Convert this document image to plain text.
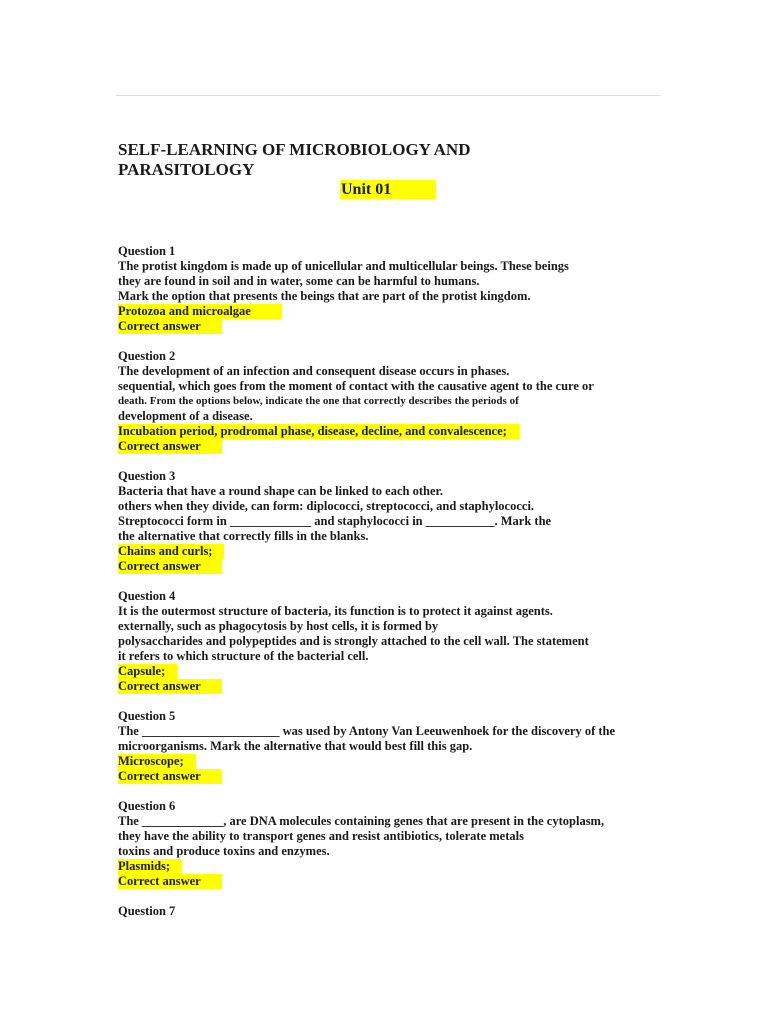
SELF-LEARNING OF MICROBIOLOGY AND
PARASITOLOGY
Unit 01
Question 1
The protist kingdom is made up of unicellular and multicellular beings. These beings
they are found in soil and in water, some can be harmful to humans.
Mark the option that presents the beings that are part of the protist kingdom.
Protozoa and microalgae
Correct answer
Question 2
The development of an infection and consequent disease occurs in phases.
sequential, which goes from the moment of contact with the causative agent to the cure or
death. From the options below, indicate the one that correctly describes the periods of
development of a disease.
Incubation period, prodromal phase, disease, decline, and convalescence;
Correct answer
Question 3
Bacteria that have a round shape can be linked to each other.
others when they divide, can form: diplococci, streptococci, and staphylococci.
Streptococci form in _____________ and staphylococci in ___________. Mark the
the alternative that correctly fills in the blanks.
Chains and curls;
Correct answer
Question 4
It is the outermost structure of bacteria, its function is to protect it against agents.
externally, such as phagocytosis by host cells, it is formed by
polysaccharides and polypeptides and is strongly attached to the cell wall. The statement
it refers to which structure of the bacterial cell.
Capsule;
Correct answer
Question 5
The ______________________ was used by Antony Van Leeuwenhoek for the discovery of the
microorganisms. Mark the alternative that would best fill this gap.
Microscope;
Correct answer
Question 6
The _____________, are DNA molecules containing genes that are present in the cytoplasm,
they have the ability to transport genes and resist antibiotics, tolerate metals
toxins and produce toxins and enzymes.
Plasmids;
Correct answer
Question 7
